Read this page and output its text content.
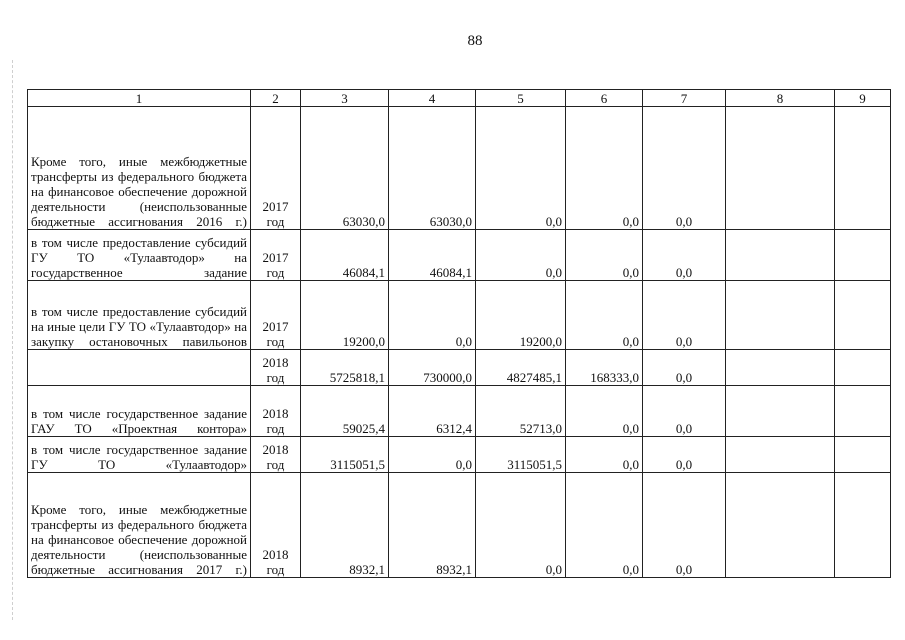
88
1	2	3	4	5	6	7	8	9
Кроме того, иные межбюджетные трансферты из федерального бюджета на финансовое обеспечение дорожной деятельности (неиспользованные бюджетные ассигнования 2016 г.)	2017 год	63030,0	63030,0	0,0	0,0	0,0		
в том числе предоставление субсидий ГУ ТО «Тулаавтодор» на государственное задание	2017 год	46084,1	46084,1	0,0	0,0	0,0		
в том числе предоставление субсидий на иные цели ГУ ТО «Тулаавтодор» на закупку остановочных павильонов	2017 год	19200,0	0,0	19200,0	0,0	0,0		
	2018 год	5725818,1	730000,0	4827485,1	168333,0	0,0		
в том числе государственное задание ГАУ ТО «Проектная контора»	2018 год	59025,4	6312,4	52713,0	0,0	0,0		
в том числе государственное задание ГУ ТО «Тулаавтодор»	2018 год	3115051,5	0,0	3115051,5	0,0	0,0		
Кроме того, иные межбюджетные трансферты из федерального бюджета на финансовое обеспечение дорожной деятельности (неиспользованные бюджетные ассигнования 2017 г.)	2018 год	8932,1	8932,1	0,0	0,0	0,0		
